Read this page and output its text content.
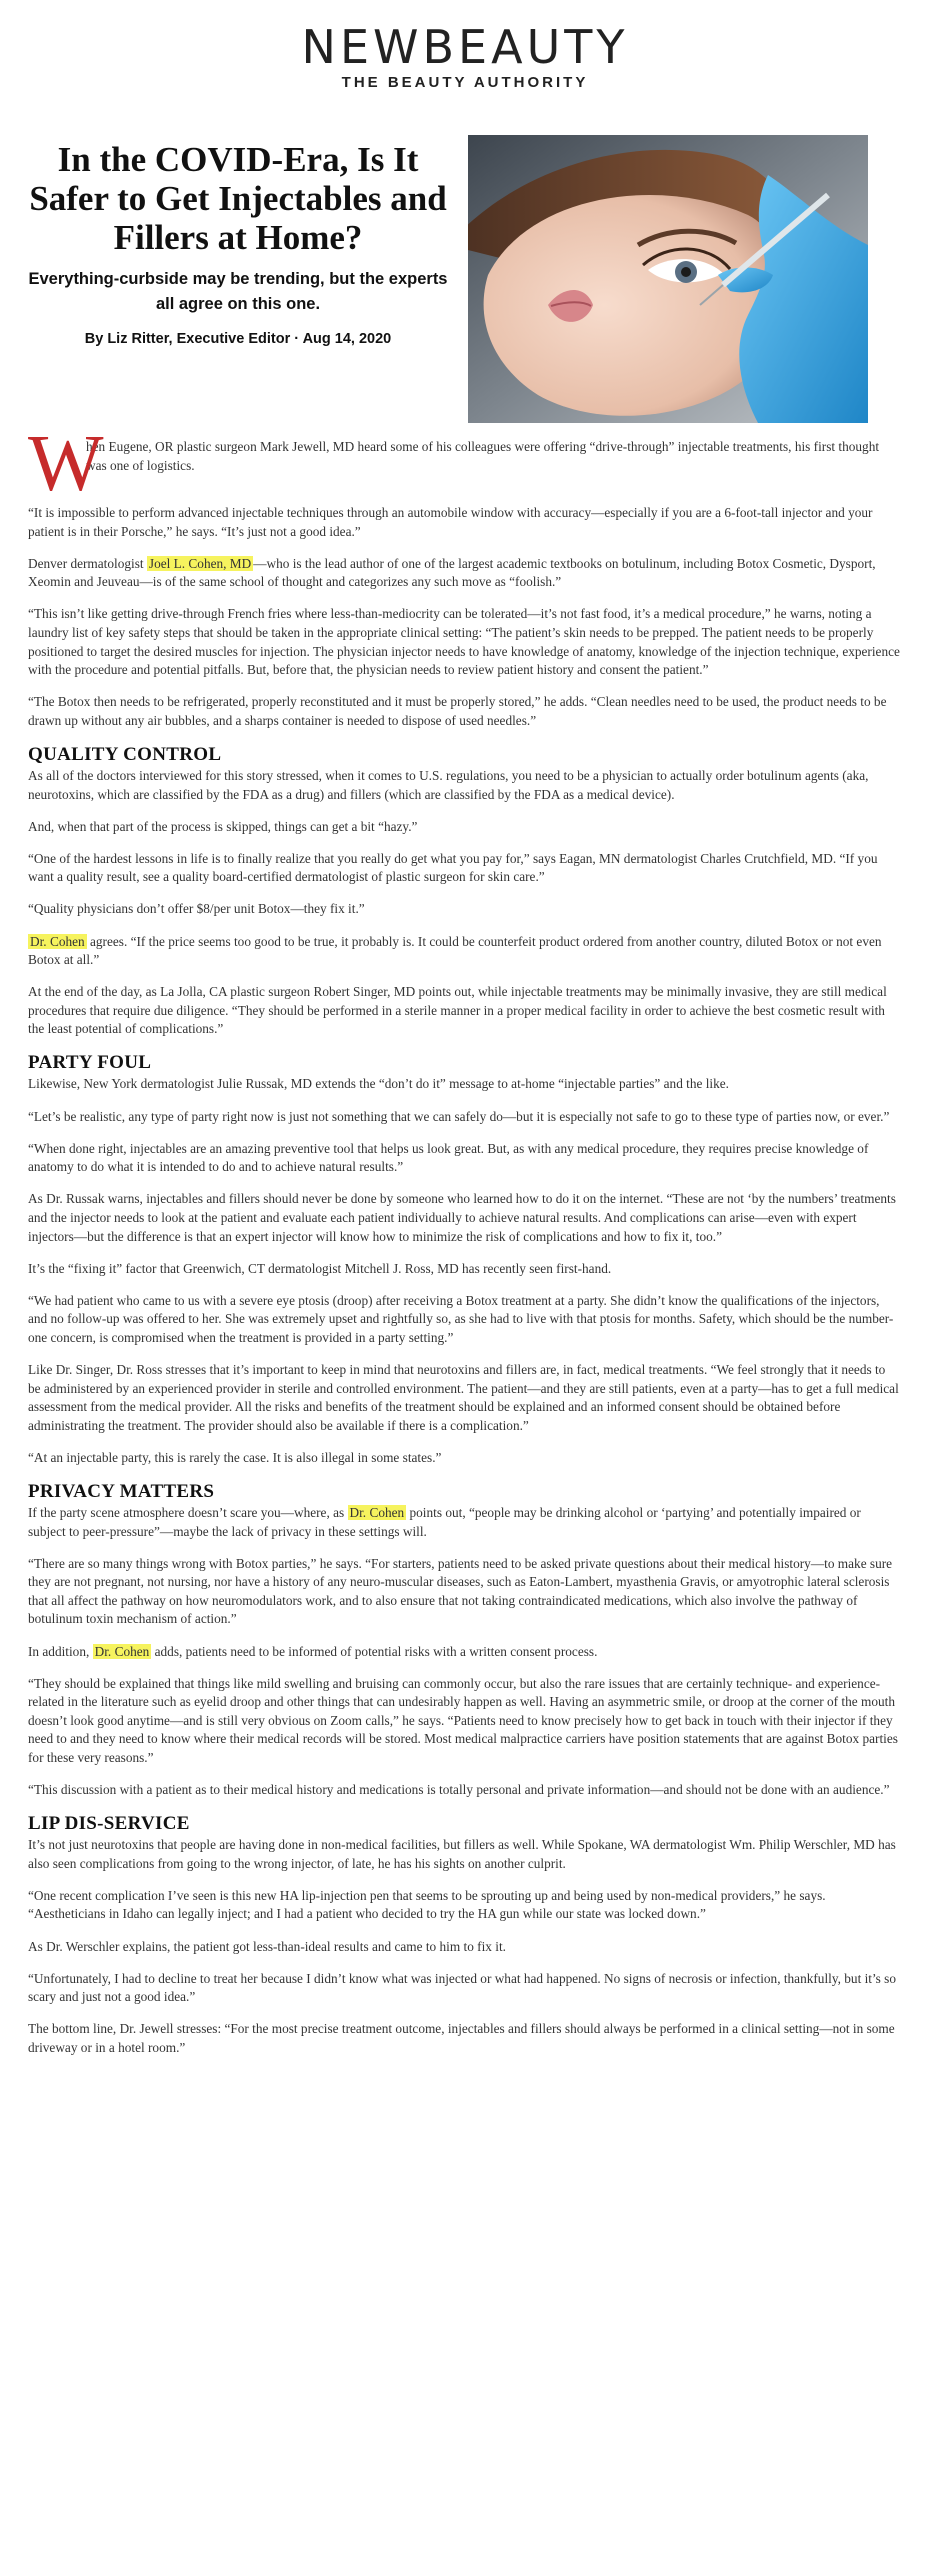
NEWBEAUTY
THE BEAUTY AUTHORITY
In the COVID-Era, Is It Safer to Get Injectables and Fillers at Home?
Everything-curbside may be trending, but the experts all agree on this one.
By Liz Ritter, Executive Editor · Aug 14, 2020

W
hen Eugene, OR plastic surgeon Mark Jewell, MD heard some of his colleagues were offering “drive-through” injectable treatments, his first thought was one of logistics.

“It is impossible to perform advanced injectable techniques through an automobile window with accuracy—especially if you are a 6-foot-tall injector and your patient is in their Porsche,” he says. “It’s just not a good idea.”

Denver dermatologist Joel L. Cohen, MD —who is the lead author of one of the largest academic textbooks on botulinum, including Botox Cosmetic, Dysport, Xeomin and Jeuveau—is of the same school of thought and categorizes any such move as “foolish.”

“This isn’t like getting drive-through French fries where less-than-mediocrity can be tolerated—it’s not fast food, it’s a medical procedure,” he warns, noting a laundry list of key safety steps that should be taken in the appropriate clinical setting: “The patient’s skin needs to be prepped. The patient needs to be properly positioned to target the desired muscles for injection. The physician injector needs to have knowledge of anatomy, knowledge of the injection technique, experience with the procedure and potential pitfalls. But, before that, the physician needs to review patient history and consent the patient.”

“The Botox then needs to be refrigerated, properly reconstituted and it must be properly stored,” he adds. “Clean needles need to be used, the product needs to be drawn up without any air bubbles, and a sharps container is needed to dispose of used needles.”

QUALITY CONTROL

As all of the doctors interviewed for this story stressed, when it comes to U.S. regulations, you need to be a physician to actually order botulinum agents (aka, neurotoxins, which are classified by the FDA as a drug) and fillers (which are classified by the FDA as a medical device).

And, when that part of the process is skipped, things can get a bit “hazy.”

“One of the hardest lessons in life is to finally realize that you really do get what you pay for,” says Eagan, MN dermatologist Charles Crutchfield, MD. “If you want a quality result, see a quality board-certified dermatologist of plastic surgeon for skin care.”

“Quality physicians don’t offer $8/per unit Botox—they fix it.”

Dr. Cohen agrees. “If the price seems too good to be true, it probably is. It could be counterfeit product ordered from another country, diluted Botox or not even Botox at all.”

At the end of the day, as La Jolla, CA plastic surgeon Robert Singer, MD points out, while injectable treatments may be minimally invasive, they are still medical procedures that require due diligence. “They should be performed in a sterile manner in a proper medical facility in order to achieve the best cosmetic result with the least potential of complications.”

PARTY FOUL

Likewise, New York dermatologist Julie Russak, MD extends the “don’t do it” message to at-home “injectable parties” and the like.

“Let’s be realistic, any type of party right now is just not something that we can safely do—but it is especially not safe to go to these type of parties now, or ever.”

“When done right, injectables are an amazing preventive tool that helps us look great. But, as with any medical procedure, they requires precise knowledge of anatomy to do what it is intended to do and to achieve natural results.”

As Dr. Russak warns, injectables and fillers should never be done by someone who learned how to do it on the internet. “These are not ‘by the numbers’ treatments and the injector needs to look at the patient and evaluate each patient individually to achieve natural results. And complications can arise—even with expert injectors—but the difference is that an expert injector will know how to minimize the risk of complications and how to fix it, too.”

It’s the “fixing it” factor that Greenwich, CT dermatologist Mitchell J. Ross, MD has recently seen first-hand.

“We had patient who came to us with a severe eye ptosis (droop) after receiving a Botox treatment at a party. She didn’t know the qualifications of the injectors, and no follow-up was offered to her. She was extremely upset and rightfully so, as she had to live with that ptosis for months. Safety, which should be the number-one concern, is compromised when the treatment is provided in a party setting.”

Like Dr. Singer, Dr. Ross stresses that it’s important to keep in mind that neurotoxins and fillers are, in fact, medical treatments. “We feel strongly that it needs to be administered by an experienced provider in sterile and controlled environment. The patient—and they are still patients, even at a party—has to get a full medical assessment from the medical provider. All the risks and benefits of the treatment should be explained and an informed consent should be obtained before administrating the treatment. The provider should also be available if there is a complication.”

“At an injectable party, this is rarely the case. It is also illegal in some states.”

PRIVACY MATTERS

If the party scene atmosphere doesn’t scare you—where, as Dr. Cohen points out, “people may be drinking alcohol or ‘partying’ and potentially impaired or subject to peer-pressure”—maybe the lack of privacy in these settings will.

“There are so many things wrong with Botox parties,” he says. “For starters, patients need to be asked private questions about their medical history—to make sure they are not pregnant, not nursing, nor have a history of any neuro-muscular diseases, such as Eaton-Lambert, myasthenia Gravis, or amyotrophic lateral sclerosis that all affect the pathway on how neuromodulators work, and to also ensure that not taking contraindicated medications, which also involve the pathway of botulinum toxin mechanism of action.”

In addition, Dr. Cohen adds, patients need to be informed of potential risks with a written consent process.

“They should be explained that things like mild swelling and bruising can commonly occur, but also the rare issues that are certainly technique- and experience-related in the literature such as eyelid droop and other things that can undesirably happen as well. Having an asymmetric smile, or droop at the corner of the mouth doesn’t look good anytime—and is still very obvious on Zoom calls,” he says. “Patients need to know precisely how to get back in touch with their injector if they need to and they need to know where their medical records will be stored. Most medical malpractice carriers have position statements that are against Botox parties for these very reasons.”

“This discussion with a patient as to their medical history and medications is totally personal and private information—and should not be done with an audience.”

LIP DIS-SERVICE

It’s not just neurotoxins that people are having done in non-medical facilities, but fillers as well. While Spokane, WA dermatologist Wm. Philip Werschler, MD has also seen complications from going to the wrong injector, of late, he has his sights on another culprit.

“One recent complication I’ve seen is this new HA lip-injection pen that seems to be sprouting up and being used by non-medical providers,” he says. “Aestheticians in Idaho can legally inject; and I had a patient who decided to try the HA gun while our state was locked down.”

As Dr. Werschler explains, the patient got less-than-ideal results and came to him to fix it.

“Unfortunately, I had to decline to treat her because I didn’t know what was injected or what had happened. No signs of necrosis or infection, thankfully, but it’s so scary and just not a good idea.”

The bottom line, Dr. Jewell stresses: “For the most precise treatment outcome, injectables and fillers should always be performed in a clinical setting—not in some driveway or in a hotel room.”
